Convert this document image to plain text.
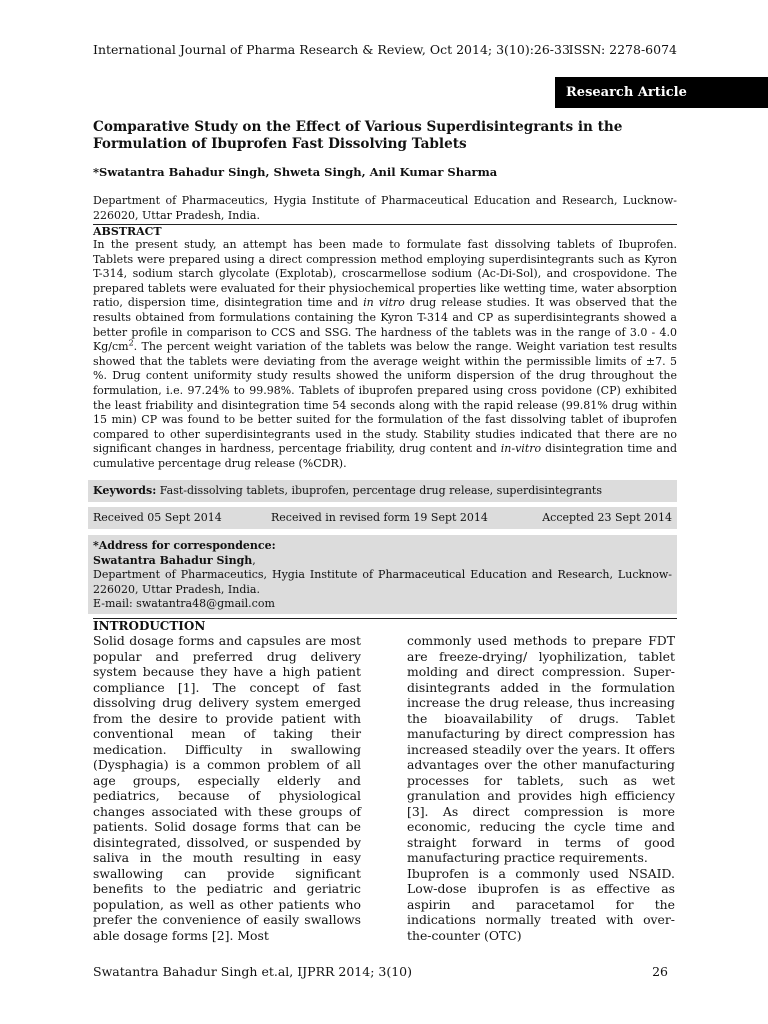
International Journal of Pharma Research & Review, Oct 2014; 3(10):26-33
ISSN: 2278-6074
Research Article
Comparative Study on the Effect of Various Superdisintegrants in the Formulation of Ibuprofen Fast Dissolving Tablets
*Swatantra Bahadur Singh, Shweta Singh, Anil Kumar Sharma
Department of Pharmaceutics, Hygia Institute of Pharmaceutical Education and Research, Lucknow-226020, Uttar Pradesh, India.
ABSTRACT
In the present study, an attempt has been made to formulate fast dissolving tablets of Ibuprofen. Tablets were prepared using a direct compression method employing superdisintegrants such as Kyron T-314, sodium starch glycolate (Explotab), croscarmellose sodium (Ac-Di-Sol), and crospovidone. The prepared tablets were evaluated for their physiochemical properties like wetting time, water absorption ratio, dispersion time, disintegration time and in vitro drug release studies. It was observed that the results obtained from formulations containing the Kyron T-314 and CP as superdisintegrants showed a better profile in comparison to CCS and SSG. The hardness of the tablets was in the range of 3.0 - 4.0 $Kg/cm^2$. The percent weight variation of the tablets was below the range. Weight variation test results showed that the tablets were deviating from the average weight within the permissible limits of ±7. 5 %. Drug content uniformity study results showed the uniform dispersion of the drug throughout the formulation, i.e. 97.24% to 99.98%. Tablets of ibuprofen prepared using cross povidone (CP) exhibited the least friability and disintegration time 54 seconds along with the rapid release (99.81% drug within 15 min) CP was found to be better suited for the formulation of the fast dissolving tablet of ibuprofen compared to other superdisintegrants used in the study. Stability studies indicated that there are no significant changes in hardness, percentage friability, drug content and in-vitro disintegration time and cumulative percentage drug release (%CDR).
Keywords: Fast-dissolving tablets, ibuprofen, percentage drug release, superdisintegrants
Received 05 Sept 2014	Received in revised form 19 Sept 2014	Accepted 23 Sept 2014
*Address for correspondence:
Swatantra Bahadur Singh,
Department of Pharmaceutics, Hygia Institute of Pharmaceutical Education and Research, Lucknow-226020, Uttar Pradesh, India.
E-mail: swatantra48@gmail.com
INTRODUCTION

Solid dosage forms and capsules are most popular and preferred drug delivery system because they have a high patient compliance [1]. The concept of fast dissolving drug delivery system emerged from the desire to provide patient with conventional mean of taking their medication. Difficulty in swallowing (Dysphagia) is a common problem of all age groups, especially elderly and pediatrics, because of physiological changes associated with these groups of patients. Solid dosage forms that can be disintegrated, dissolved, or suspended by saliva in the mouth resulting in easy swallowing can provide significant benefits to the pediatric and geriatric population, as well as other patients who prefer the convenience of easily swallows able dosage forms [2]. Most

commonly used methods to prepare FDT are freeze-drying/ lyophilization, tablet molding and direct compression. Super-disintegrants added in the formulation increase the drug release, thus increasing the bioavailability of drugs. Tablet manufacturing by direct compression has increased steadily over the years. It offers advantages over the other manufacturing processes for tablets, such as wet granulation and provides high efficiency [3]. As direct compression is more economic, reducing the cycle time and straight forward in terms of good manufacturing practice requirements.

Ibuprofen is a commonly used NSAID. Low-dose ibuprofen is as effective as aspirin and paracetamol for the indications normally treated with over-the-counter (OTC)

Swatantra Bahadur Singh et.al, IJPRR 2014; 3(10)	26
